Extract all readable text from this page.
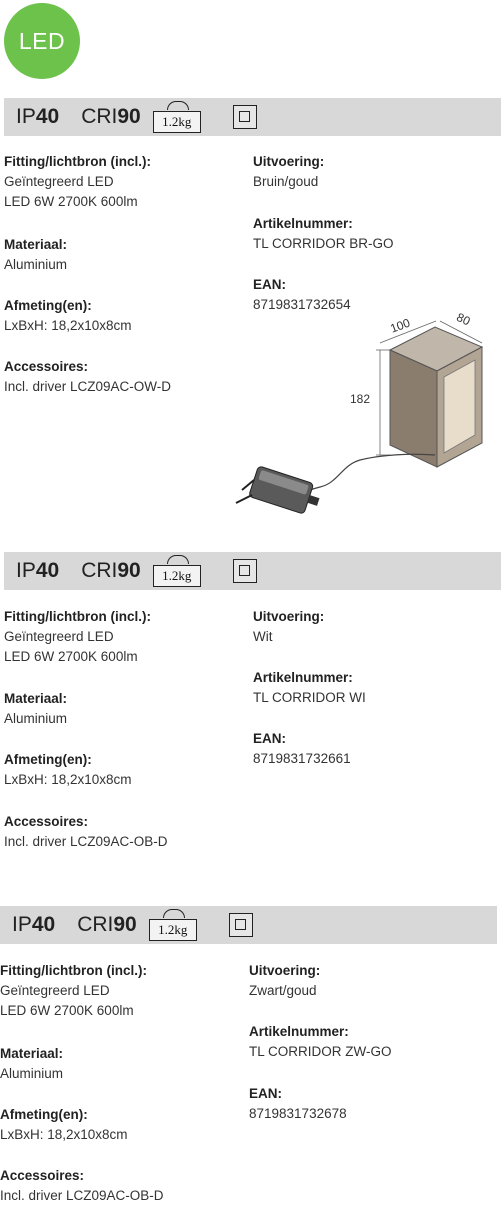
LED
IP40 CRI90	1.2kg
Fitting/lichtbron (incl.):
Geïntegreerd LED
LED 6W 2700K 600lm
Materiaal:
Aluminium
Afmeting(en):
LxBxH: 18,2x10x8cm
Accessoires:
Incl. driver LCZ09AC-OW-D
Uitvoering:
Bruin/goud
Artikelnummer:
TL CORRIDOR BR-GO
EAN:
8719831732654
100	80
182
IP40 CRI90	1.2kg
Fitting/lichtbron (incl.):
Geïntegreerd LED
LED 6W 2700K 600lm
Materiaal:
Aluminium
Afmeting(en):
LxBxH: 18,2x10x8cm
Accessoires:
Incl. driver LCZ09AC-OB-D
Uitvoering:
Wit
Artikelnummer:
TL CORRIDOR WI
EAN:
8719831732661
IP40 CRI90	1.2kg
Fitting/lichtbron (incl.):
Geïntegreerd LED
LED 6W 2700K 600lm
Materiaal:
Aluminium
Afmeting(en):
LxBxH: 18,2x10x8cm
Accessoires:
Incl. driver LCZ09AC-OB-D
Uitvoering:
Zwart/goud
Artikelnummer:
TL CORRIDOR ZW-GO
EAN:
8719831732678
